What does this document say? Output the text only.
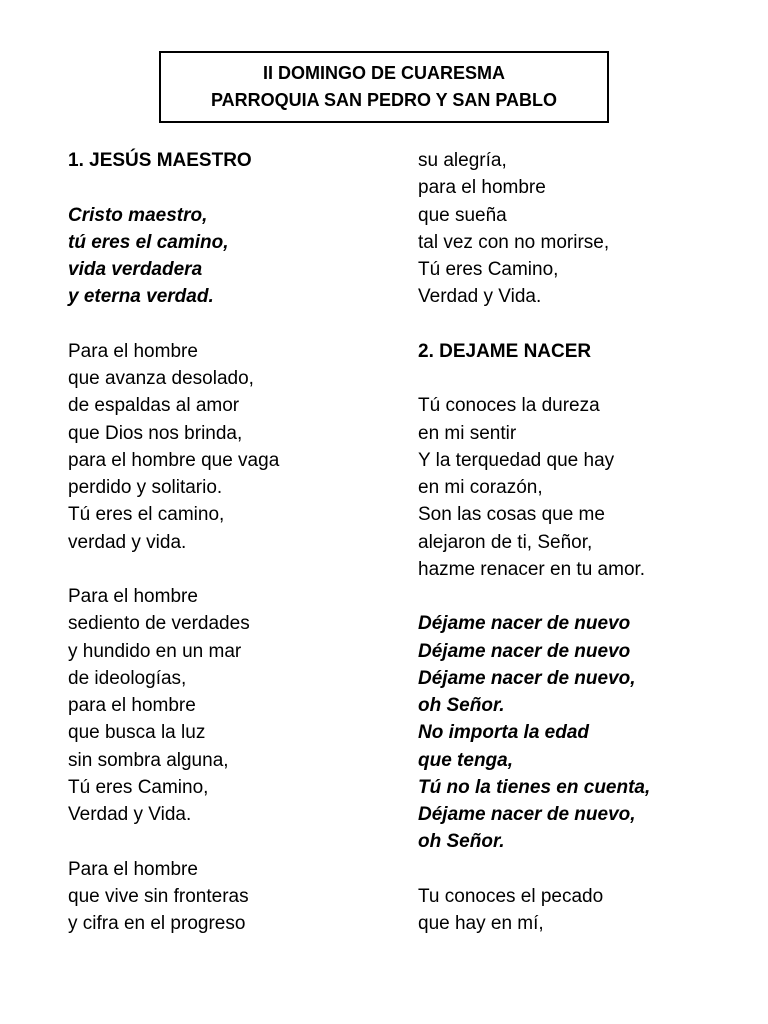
II DOMINGO DE CUARESMA
PARROQUIA SAN PEDRO Y SAN PABLO
1. JESÚS MAESTRO
Cristo maestro,
tú eres el camino,
vida verdadera
y eterna verdad.
Para el hombre
que avanza desolado,
de espaldas al amor
que Dios nos brinda,
para el hombre que vaga
perdido y solitario.
Tú eres el camino,
verdad y vida.
Para el hombre
sediento de verdades
y hundido en un mar
de ideologías,
para el hombre
que busca la luz
sin sombra alguna,
Tú eres Camino,
Verdad y Vida.
Para el hombre
que vive sin fronteras
y cifra en el progreso
su alegría,
para el hombre
que sueña
tal vez con no morirse,
Tú eres Camino,
Verdad y Vida.
2. DEJAME NACER
Tú conoces la dureza
en mi sentir
Y la terquedad que hay
en mi corazón,
Son las cosas que me
alejaron de ti, Señor,
hazme renacer en tu amor.
Déjame nacer de nuevo
Déjame nacer de nuevo
Déjame nacer de nuevo,
oh Señor.
No importa la edad
que tenga,
Tú no la tienes en cuenta,
Déjame nacer de nuevo,
oh Señor.
Tu conoces el pecado
que hay en mí,
